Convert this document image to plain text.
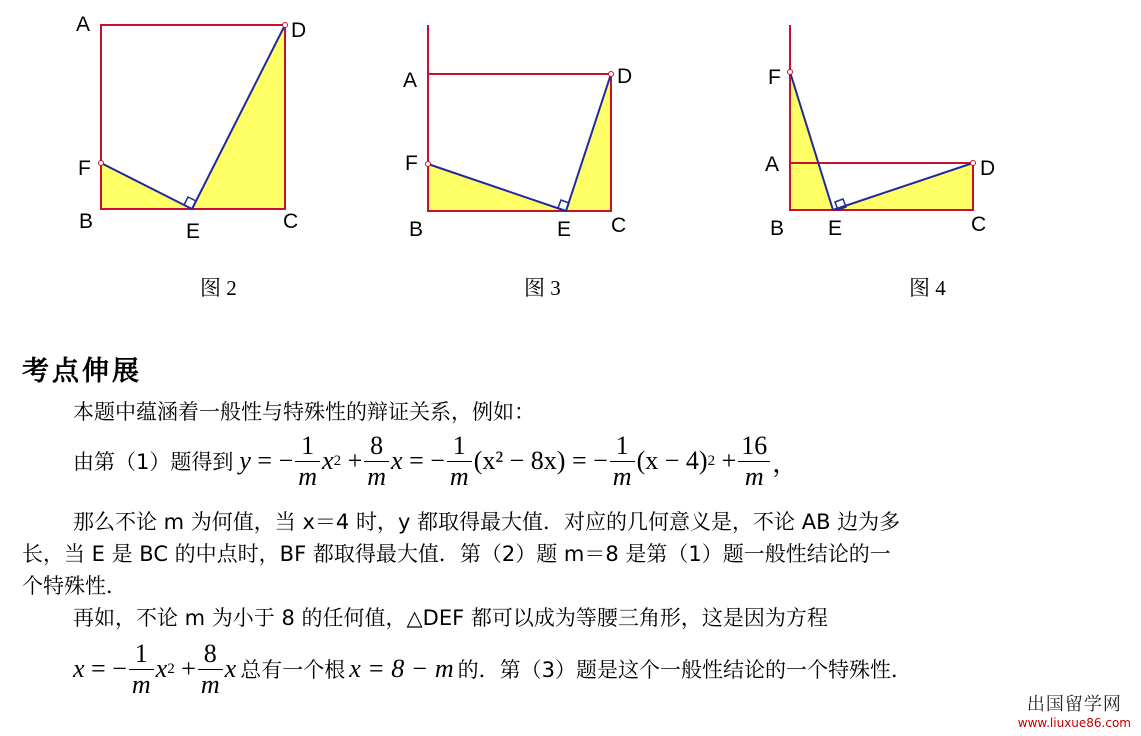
A	D
F
B	E	C
A	D
F
B	E C
F
A	D
B E	C
图 2	图 3	图 4
考点伸展
本题中蕴涵着一般性与特殊性的辩证关系，例如：
由第（1）题得到 y = − $\frac{1}{m}$ x $2 + \frac{8}{m}$ x = − $\frac{1}{m} (x^2 - 8x)$ = − $\frac{1}{m} (x - 4) 2 + \frac{16}{m}$ ，
那么不论 m 为何值，当 x＝4 时，y 都取得最大值．对应的几何意义是，不论 AB 边为多
长，当 E 是 BC 的中点时，BF 都取得最大值．第（2）题 m＝8 是第（1）题一般性结论的一
个特殊性．
再如，不论 m 为小于 8 的任何值，△DEF 都可以成为等腰三角形，这是因为方程
x = − $\frac{1}{m}$ x $2 + \frac{8}{m}$ x 总有一个根 x = 8 − m 的．第（3）题是这个一般性结论的一个特殊性．
出国留学网
www.liuxue86.com
